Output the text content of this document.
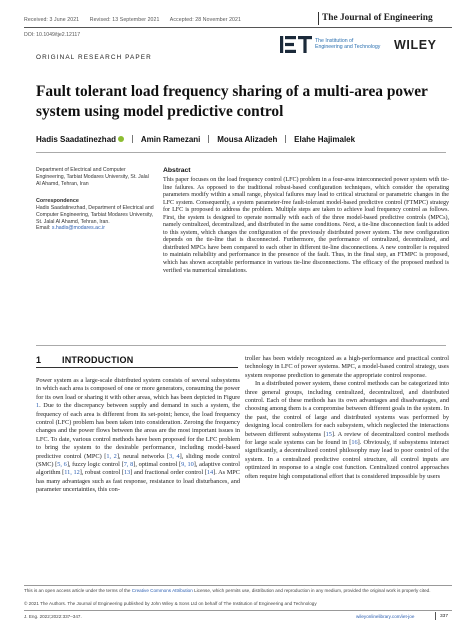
Received: 3 June 2021 Revised: 13 September 2021 Accepted: 28 November 2021	The Journal of Engineering
DOI: 10.1049/tje2.12117
The Institution of
Engineering and Technology WILEY
ORIGINAL RESEARCH PAPER
Fault tolerant load frequency sharing of a multi-area power system using model predictive control
Hadis Saadatinezhad	Amin Ramezani Mousa Alizadeh Elahe Hajimalek
Department of Electrical and Computer Engineering, Tarbiat Modares University, St. Jalal Al Ahamd, Tehran, Iran
Correspondence
Hadis Saadatinezhad, Department of Electrical and
Computer Engineering, Tarbiat Modares University,
St. Jalal Al Ahamd, Tehran, Iran.
Email: s.hadis@modares.ac.ir
Abstract
This paper focuses on the load frequency control (LFC) problem in a four-area interconnected power system with tie-line failures. As opposed to the traditional robust-based configuration techniques, which consider the operating parameters modify within a small range, physical failures may lead to critical structural or parametric changes in the LFC system. Consequently, a system parameter-free fault-tolerant model-based predictive control (FTMPC) strategy for LFC is proposed to address the problem. Multiple steps are taken to achieve load frequency control as follows. First, the system is designed to operate normally with each of the three model-based predictive controls (MPCs), namely centralized, decentralized, and distributed in the same conditions. Next, a tie-line disconnection fault is added to this system, which changes the configuration of the previously distributed power system. The new configuration depends on the tie-line that is disconnected. Furthermore, the performance of centralized, decentralized, and distributed MPCs have been compared to each other in different tie-line disconnections. A new controller is required to maintain reliability and performance in the presence of the fault. Thus, in the final step, an FTMPC is proposed, which has shown acceptable performance in various tie-line disconnections. The efficacy of the proposed method is verified via numerical simulations.
1 INTRODUCTION

Power system as a large-scale distributed system consists of several subsystems in which each area is composed of one or more generators, consuming the power for its own load or sharing it with other areas, which has been depicted in Figure 1. Due to the discrepancy between supply and demand in such a system, the frequency of each area is different from its set-point; hence, the load frequency control (LFC) problem has been taken into consideration. Zeroing the frequency changes and the power flows between the areas are the most important issues in LFC. To date, various control methods have been proposed for the LFC problem to bring the system to the desirable performance, including model-based predictive control (MPC) [1, 2], neural networks [3, 4], sliding mode control (SMC) [5, 6], fuzzy logic control [7, 8], optimal control [9, 10], adaptive control algorithm [11, 12], robust control [13] and fractional order control [14]. As MPC has many advantages such as fast response, resistance to load disturbances, and parameter uncertainties, this con-

troller has been widely recognized as a high-performance and practical control technology in LFC of power systems. MPC, a model-based control strategy, uses system response prediction to generate the appropriate control response.

In a distributed power system, these control methods can be categorized into three general groups, including centralized, decentralized, and distributed control. Each of these methods has its own advantages and disadvantages, and choosing among them is a compromise between different goals in the system. In the past, the control of large and distributed systems was performed by designing local controllers for each subsystem, which neglected the interactions between different subsystems [15]. A review of decentralized control methods for large scale systems can be found in [16]. Obviously, if subsystems interact significantly, a decentralized control philosophy may lead to poor control of the system. In a centralized predictive control structure, all control inputs are optimized in response to a single cost function. Centralized control approaches often require high computational effort that is considered impossible by users

This is an open access article under the terms of the Creative Commons Attribution License, which permits use, distribution and reproduction in any medium, provided the original work is properly cited.
© 2021 The Authors. The Journal of Engineering published by John Wiley & Sons Ltd on behalf of The Institution of Engineering and Technology
J. Eng. 2022;2022:337–347.	wileyonlinelibrary.com/iet-joe	337
